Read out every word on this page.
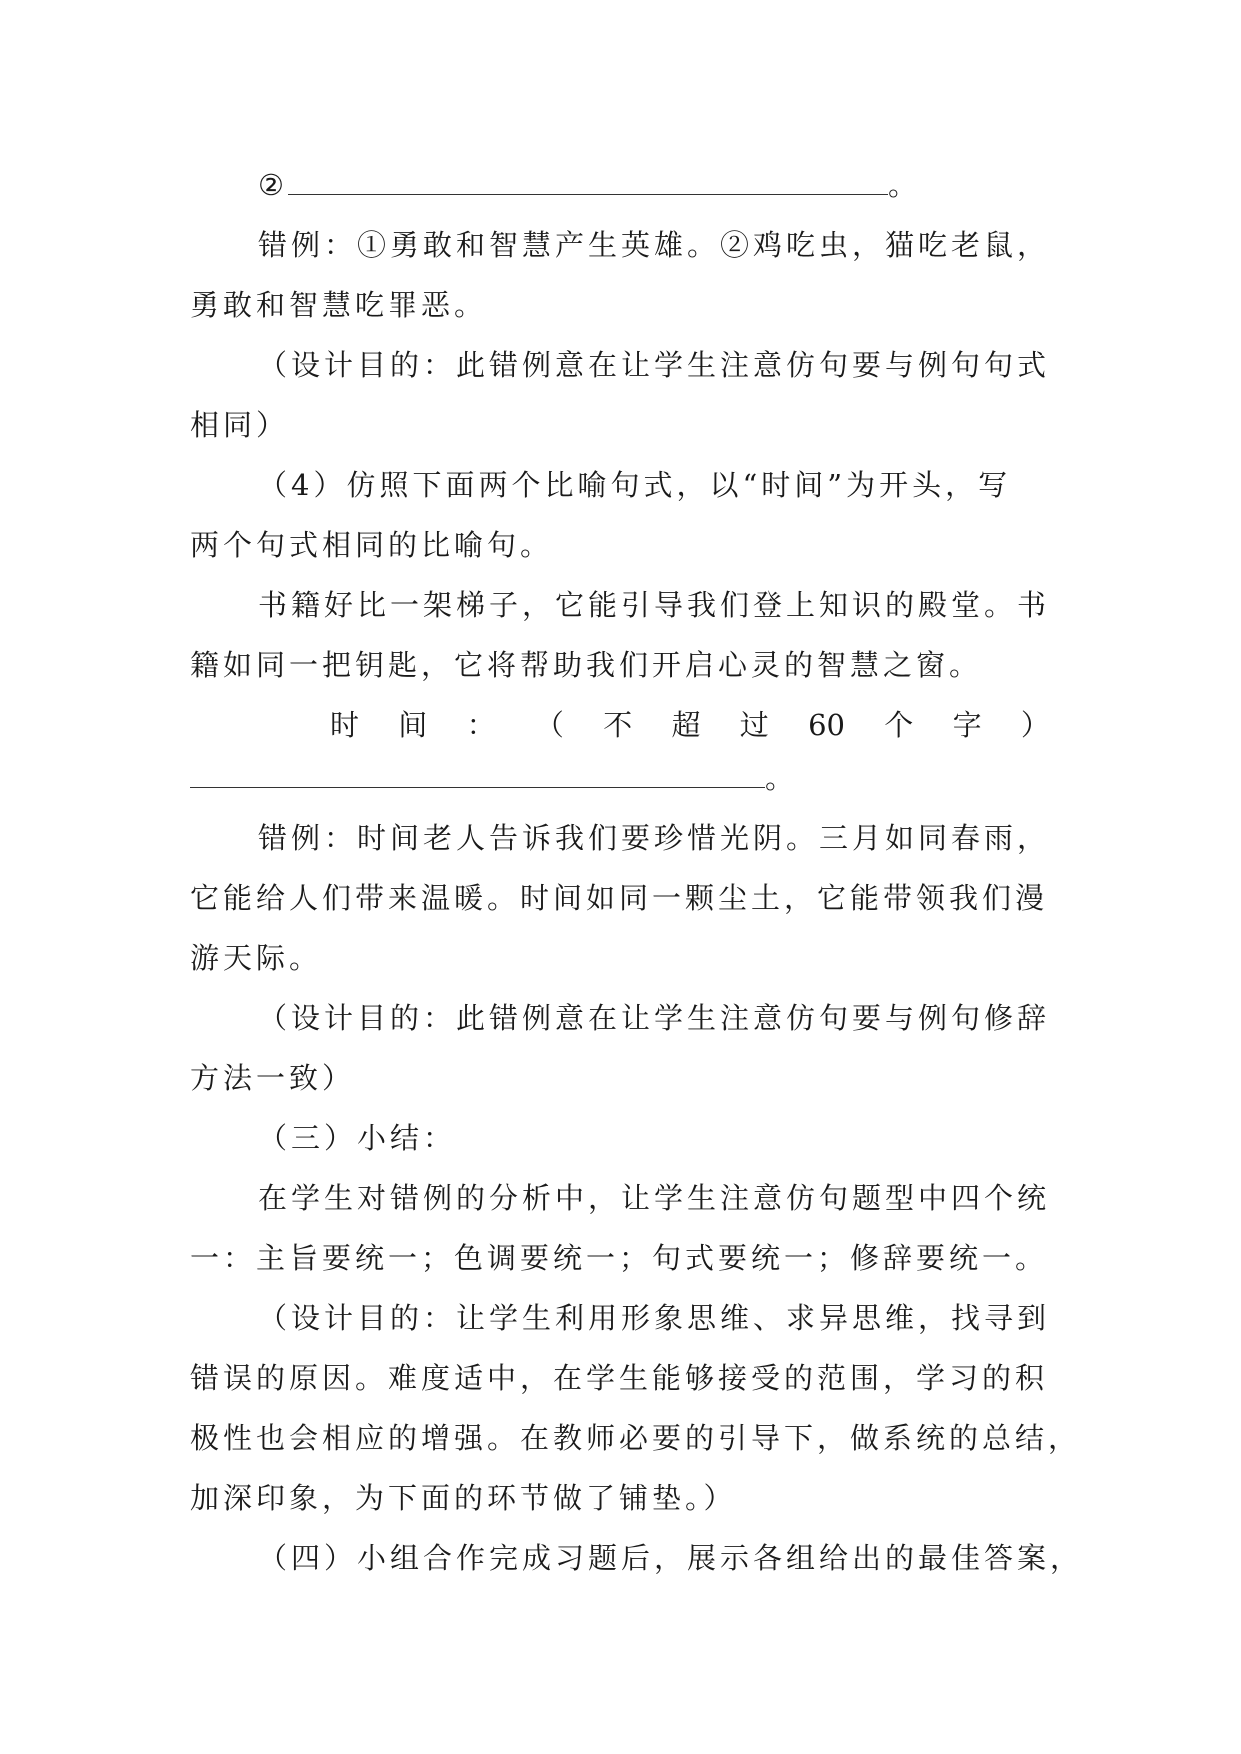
②	。
错例：①勇敢和智慧产生英雄。②鸡吃虫，猫吃老鼠，
勇敢和智慧吃罪恶。
（设计目的：此错例意在让学生注意仿句要与例句句式
相同）
（4）仿照下面两个比喻句式，以“时间”为开头，写
两个句式相同的比喻句。
书籍好比一架梯子，它能引导我们登上知识的殿堂。书
籍如同一把钥匙，它将帮助我们开启心灵的智慧之窗。
时 间 ： （ 不 超 过 60 个 字 ）
。
错例：时间老人告诉我们要珍惜光阴。三月如同春雨，
它能给人们带来温暖。时间如同一颗尘土，它能带领我们漫
游天际。
（设计目的：此错例意在让学生注意仿句要与例句修辞
方法一致）
（三）小结：
在学生对错例的分析中，让学生注意仿句题型中四个统
一：主旨要统一；色调要统一；句式要统一；修辞要统一。
（设计目的：让学生利用形象思维、求异思维，找寻到
错误的原因。难度适中，在学生能够接受的范围，学习的积
极性也会相应的增强。在教师必要的引导下，做系统的总结，
加深印象，为下面的环节做了铺垫。）
（四）小组合作完成习题后，展示各组给出的最佳答案，
